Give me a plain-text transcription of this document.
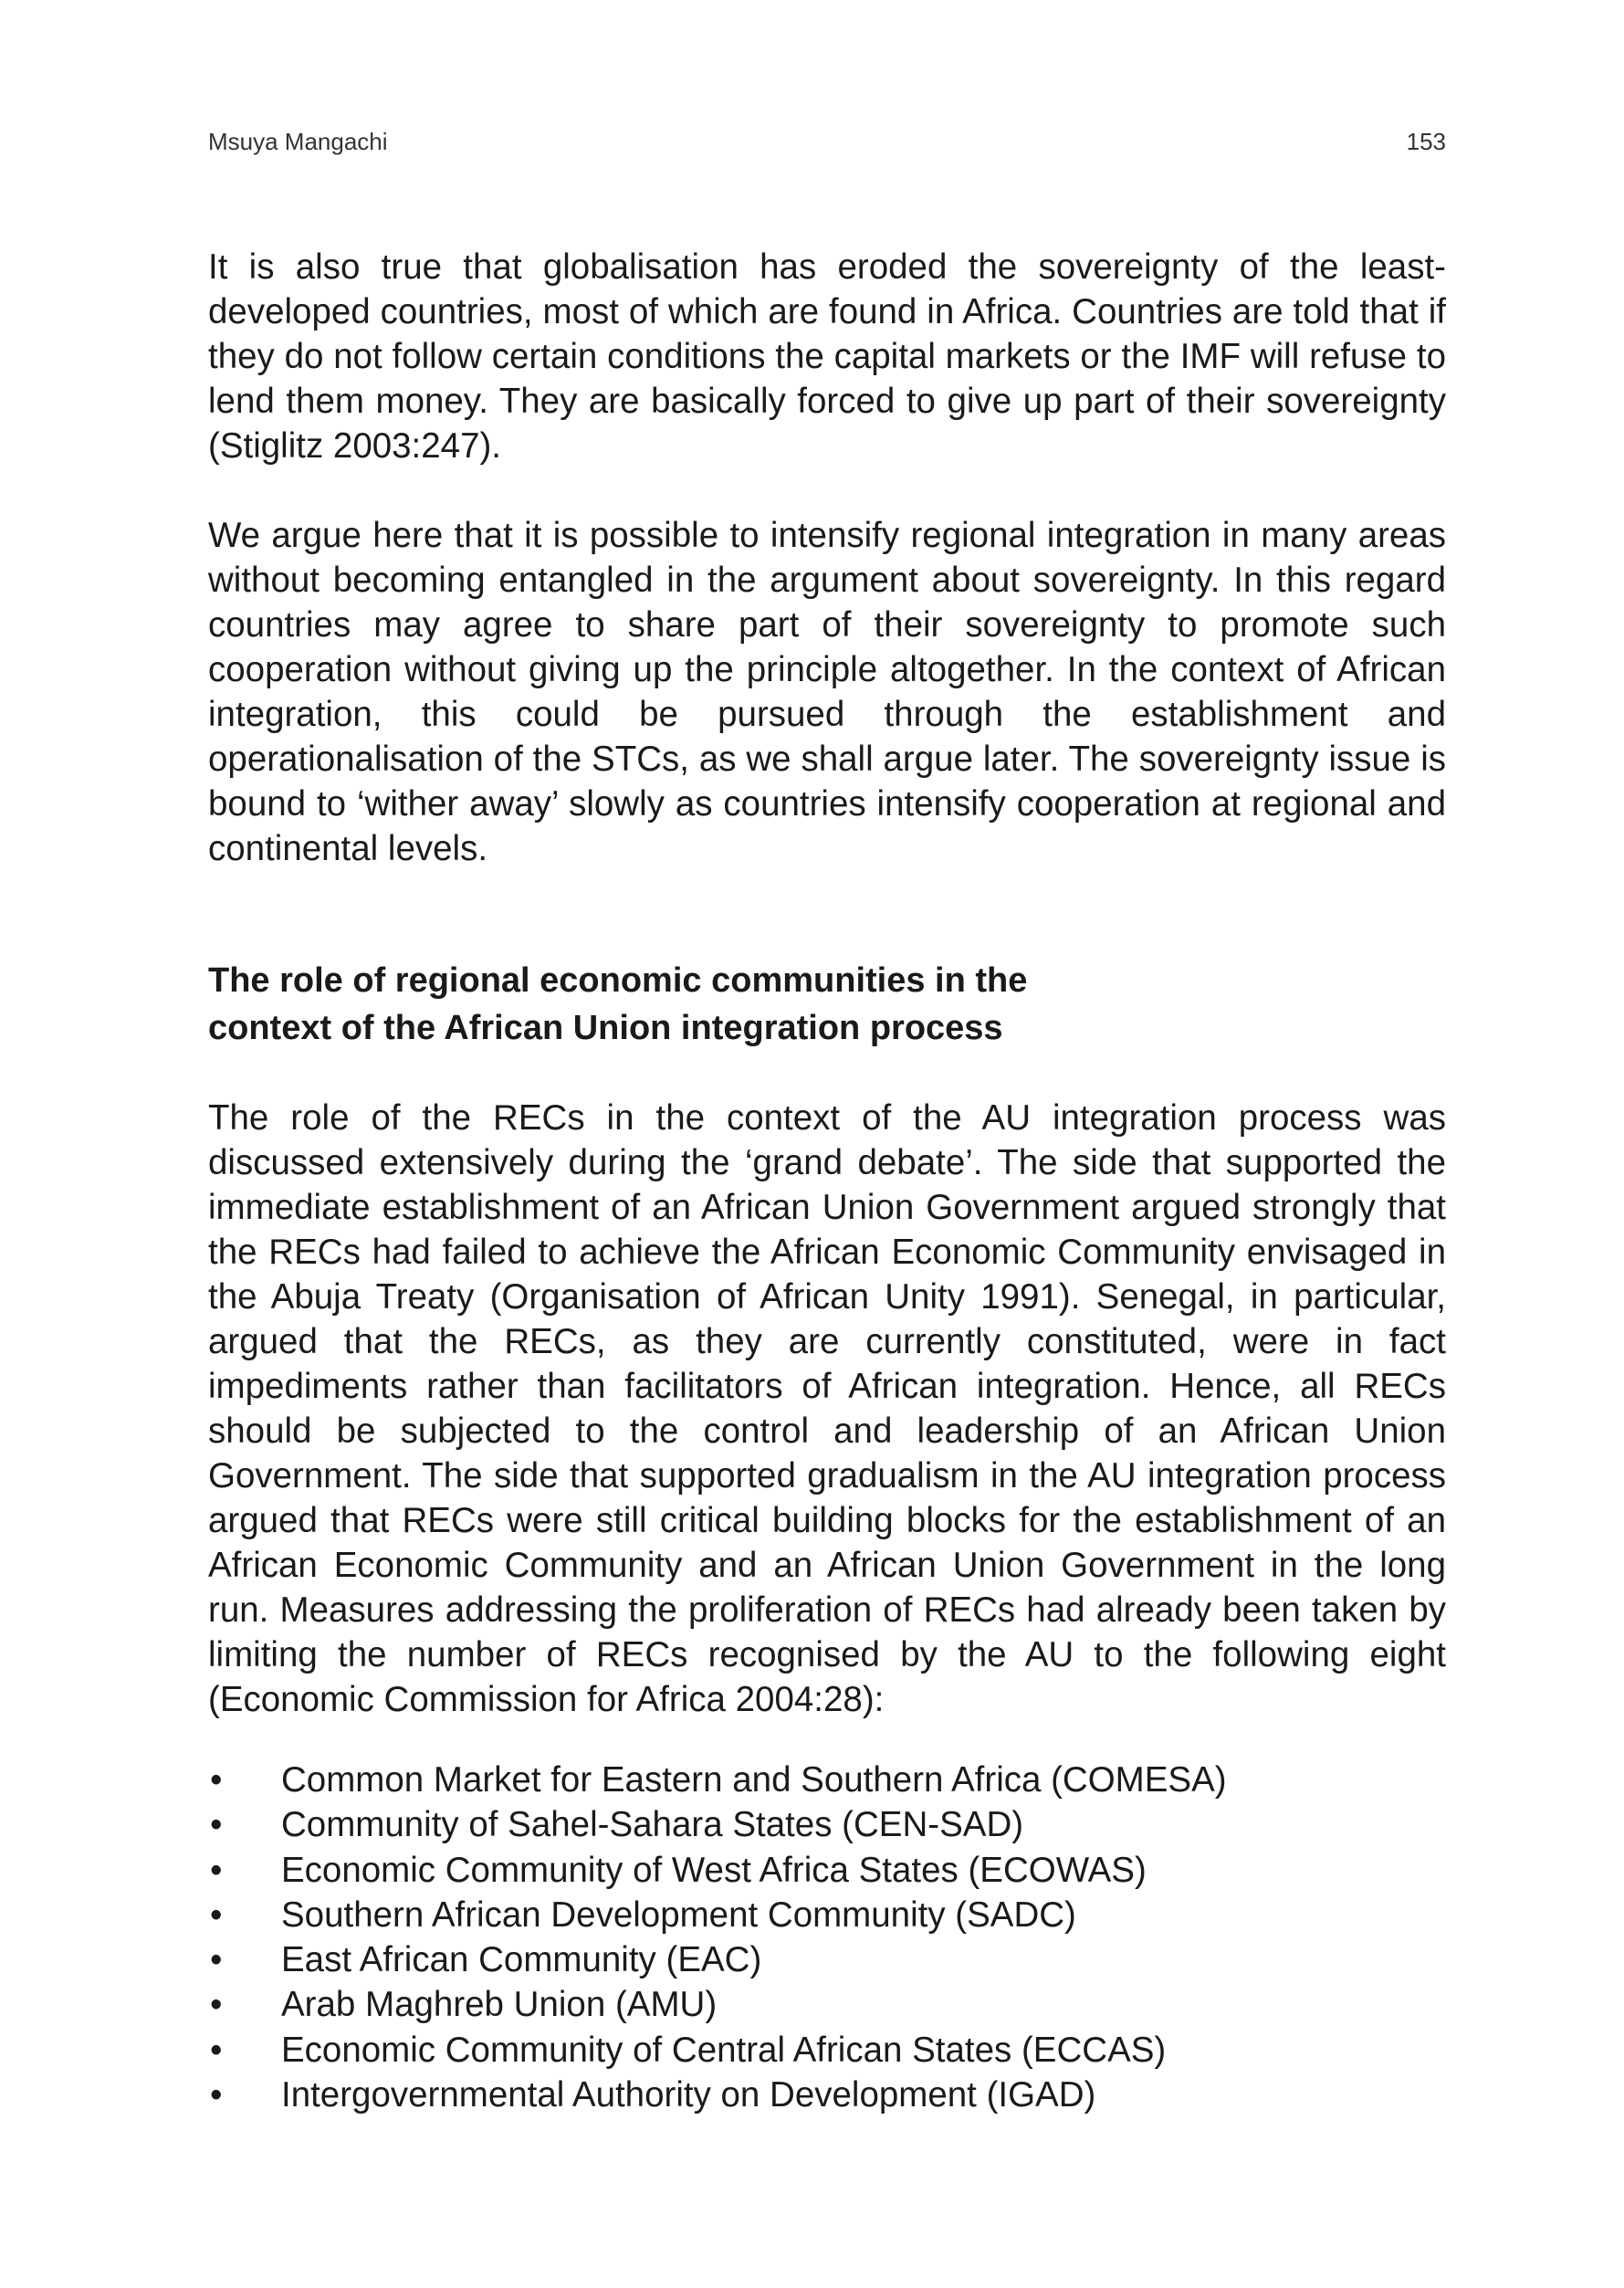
Msuya Mangachi	153

It is also true that globalisation has eroded the sovereignty of the least-developed countries, most of which are found in Africa. Countries are told that if they do not follow certain conditions the capital markets or the IMF will refuse to lend them money. They are basically forced to give up part of their sovereignty (Stiglitz 2003:247).

We argue here that it is possible to intensify regional integration in many areas without becoming entangled in the argument about sovereignty. In this regard countries may agree to share part of their sovereignty to promote such cooperation without giving up the principle altogether. In the context of African integration, this could be pursued through the establishment and operationalisation of the STCs, as we shall argue later. The sovereignty issue is bound to ‘wither away’ slowly as countries intensify cooperation at regional and continental levels.

The role of regional economic communities in the
context of the African Union integration process

The role of the RECs in the context of the AU integration process was discussed extensively during the ‘grand debate’. The side that supported the immediate establishment of an African Union Government argued strongly that the RECs had failed to achieve the African Economic Community envisaged in the Abuja Treaty (Organisation of African Unity 1991). Senegal, in particular, argued that the RECs, as they are currently constituted, were in fact impediments rather than facilitators of African integration. Hence, all RECs should be subjected to the control and leadership of an African Union Government. The side that supported gradualism in the AU integration process argued that RECs were still critical building blocks for the establishment of an African Economic Community and an African Union Government in the long run. Measures addressing the proliferation of RECs had already been taken by limiting the number of RECs recognised by the AU to the following eight (Economic Commission for Africa 2004:28):

• Common Market for Eastern and Southern Africa (COMESA)
• Community of Sahel-Sahara States (CEN-SAD)
• Economic Community of West Africa States (ECOWAS)
• Southern African Development Community (SADC)
• East African Community (EAC)
• Arab Maghreb Union (AMU)
• Economic Community of Central African States (ECCAS)
• Intergovernmental Authority on Development (IGAD)
